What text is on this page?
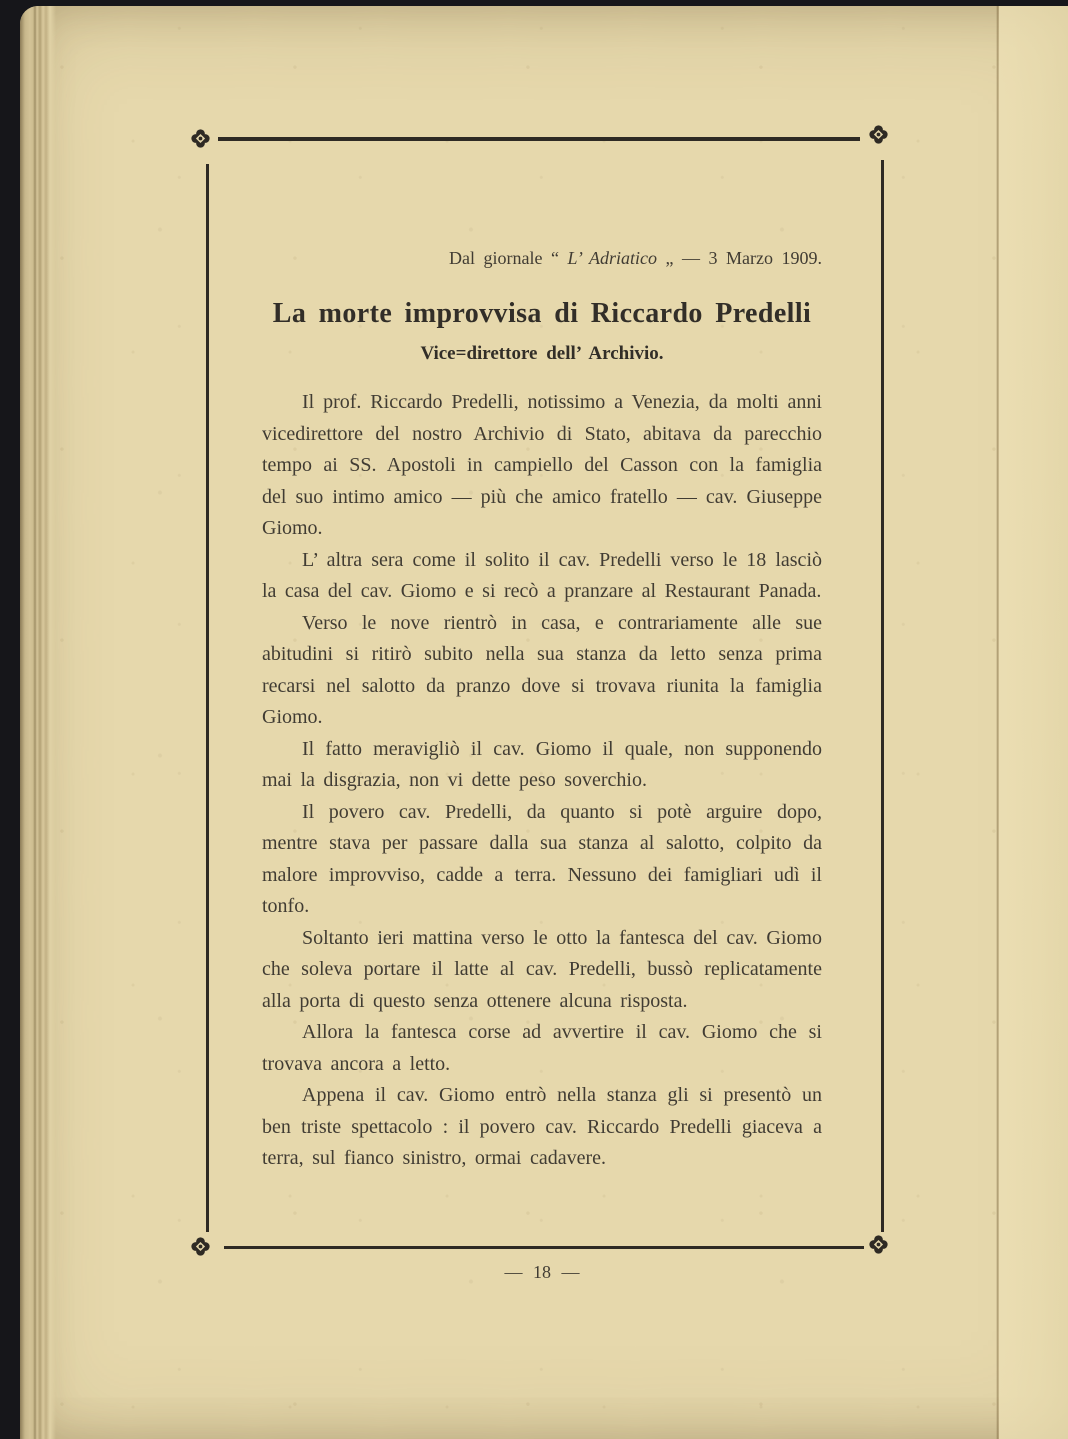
Dal giornale “ L’ Adriatico „ — 3 Marzo 1909.

La morte improvvisa di Riccardo Predelli
Vice=direttore dell’ Archivio.

Il prof. Riccardo Predelli, notissimo a Venezia, da molti anni vicedirettore del nostro Archivio di Stato, abitava da parecchio tempo ai SS. Apostoli in campiello del Casson con la famiglia del suo intimo amico — più che amico fratello — cav. Giuseppe Giomo.

L’ altra sera come il solito il cav. Predelli verso le 18 lasciò la casa del cav. Giomo e si recò a pranzare al Restaurant Panada.

Verso le nove rientrò in casa, e contrariamente alle sue abitudini si ritirò subito nella sua stanza da letto senza prima recarsi nel salotto da pranzo dove si trovava riunita la famiglia Giomo.

Il fatto meravigliò il cav. Giomo il quale, non supponendo mai la disgrazia, non vi dette peso soverchio.

Il povero cav. Predelli, da quanto si potè arguire dopo, mentre stava per passare dalla sua stanza al salotto, colpito da malore improvviso, cadde a terra. Nessuno dei famigliari udì il tonfo.

Soltanto ieri mattina verso le otto la fantesca del cav. Giomo che soleva portare il latte al cav. Predelli, bussò replicatamente alla porta di questo senza ottenere alcuna risposta.

Allora la fantesca corse ad avvertire il cav. Giomo che si trovava ancora a letto.

Appena il cav. Giomo entrò nella stanza gli si presentò un ben triste spettacolo : il povero cav. Riccardo Predelli giaceva a terra, sul fianco sinistro, ormai cadavere.

— 18 —
